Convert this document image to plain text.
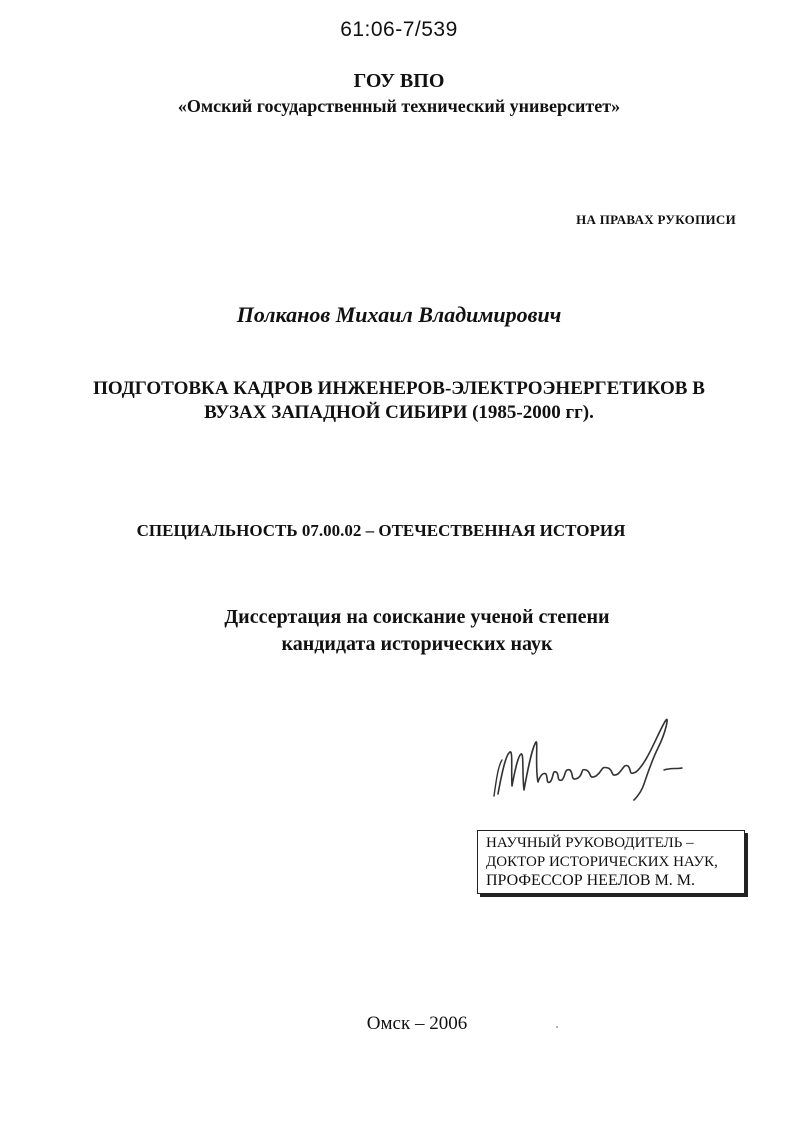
61:06-7/539
ГОУ ВПО
«Омский государственный технический университет»
НА ПРАВАХ РУКОПИСИ
Полканов Михаил Владимирович
ПОДГОТОВКА КАДРОВ ИНЖЕНЕРОВ-ЭЛЕКТРОЭНЕРГЕТИКОВ В
ВУЗАХ ЗАПАДНОЙ СИБИРИ (1985-2000 гг).
СПЕЦИАЛЬНОСТЬ 07.00.02 – ОТЕЧЕСТВЕННАЯ ИСТОРИЯ
Диссертация на соискание ученой степени
кандидата исторических наук
НАУЧНЫЙ РУКОВОДИТЕЛЬ –
ДОКТОР ИСТОРИЧЕСКИХ НАУК,
ПРОФЕССОР НЕЕЛОВ М. М.
Омск – 2006
